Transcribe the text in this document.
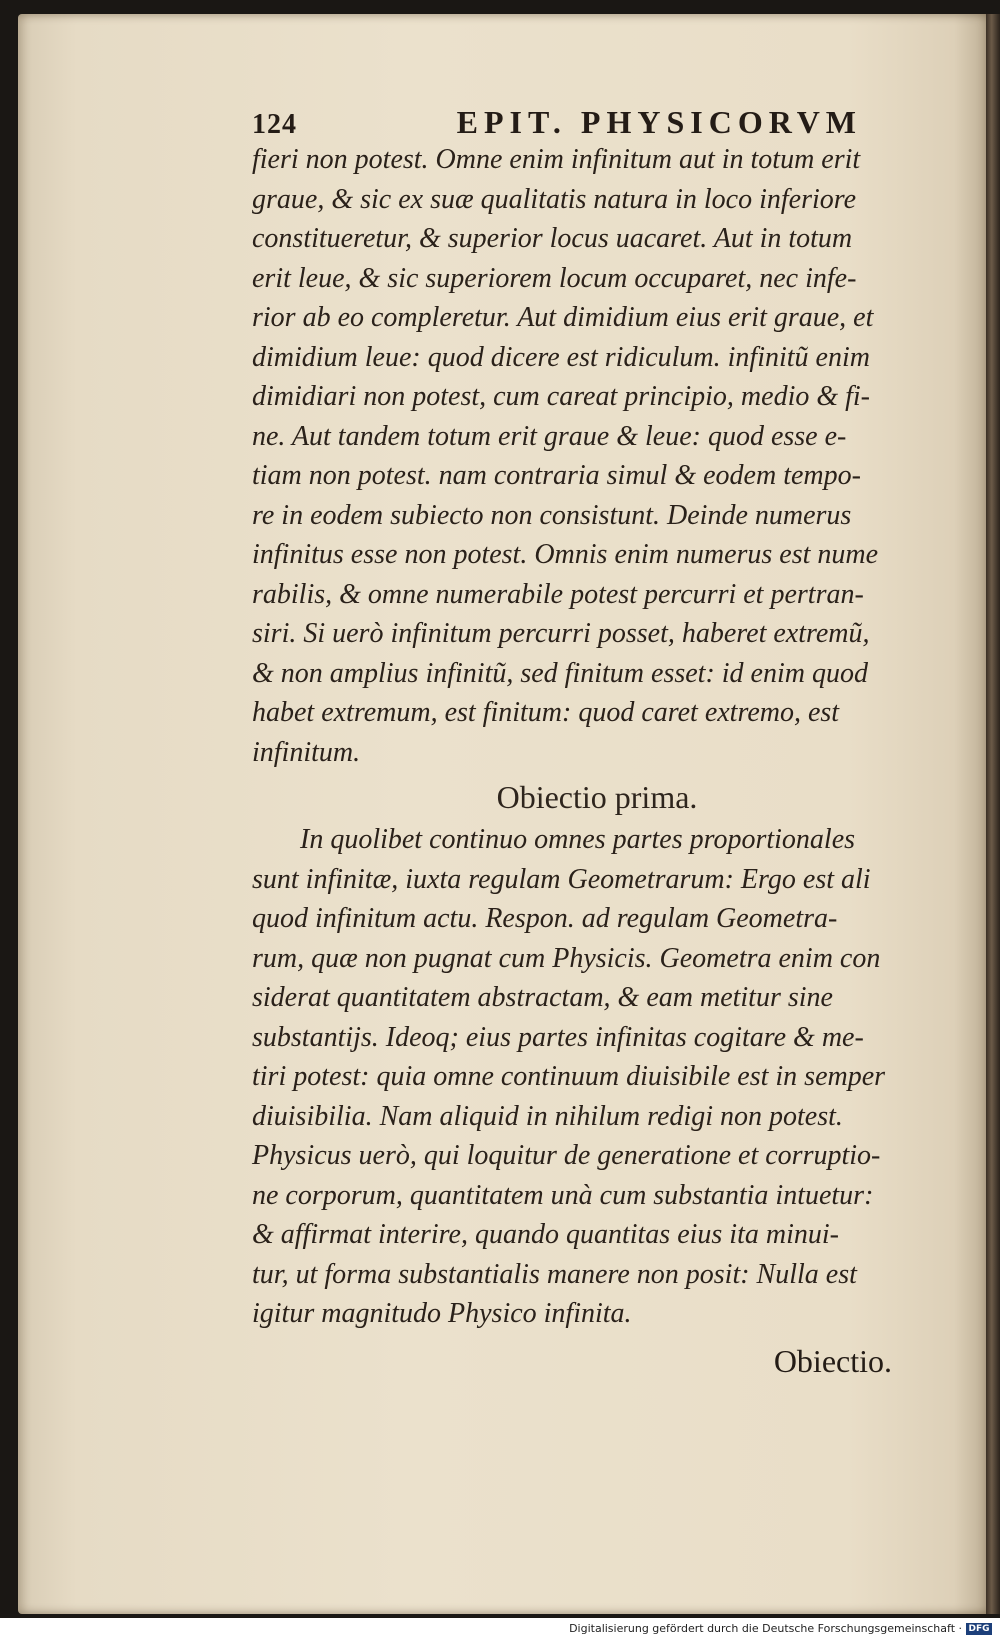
124	EPIT. PHYSICORVM
fieri non potest. Omne enim infinitum aut in totum erit
graue, & sic ex suæ qualitatis natura in loco inferiore
constitueretur, & superior locus uacaret. Aut in totum
erit leue, & sic superiorem locum occuparet, nec infe-
rior ab eo compleretur. Aut dimidium eius erit graue, et
dimidium leue: quod dicere est ridiculum. infinitũ enim
dimidiari non potest, cum careat principio, medio & fi-
ne. Aut tandem totum erit graue & leue: quod esse e-
tiam non potest. nam contraria simul & eodem tempo-
re in eodem subiecto non consistunt. Deinde numerus
infinitus esse non potest. Omnis enim numerus est nume
rabilis, & omne numerabile potest percurri et pertran-
siri. Si uerò infinitum percurri posset, haberet extremũ,
& non amplius infinitũ, sed finitum esset: id enim quod
habet extremum, est finitum: quod caret extremo, est
infinitum.
Obiectio prima.
In quolibet continuo omnes partes proportionales
sunt infinitæ, iuxta regulam Geometrarum: Ergo est ali
quod infinitum actu. Respon. ad regulam Geometra-
rum, quæ non pugnat cum Physicis. Geometra enim con
siderat quantitatem abstractam, & eam metitur sine
substantijs. Ideoq; eius partes infinitas cogitare & me-
tiri potest: quia omne continuum diuisibile est in semper
diuisibilia. Nam aliquid in nihilum redigi non potest.
Physicus uerò, qui loquitur de generatione et corruptio-
ne corporum, quantitatem unà cum substantia intuetur:
& affirmat interire, quando quantitas eius ita minui-
tur, ut forma substantialis manere non posit: Nulla est
igitur magnitudo Physico infinita.
Obiectio.
Digitalisierung gefördert durch die Deutsche Forschungsgemeinschaft · DFG
